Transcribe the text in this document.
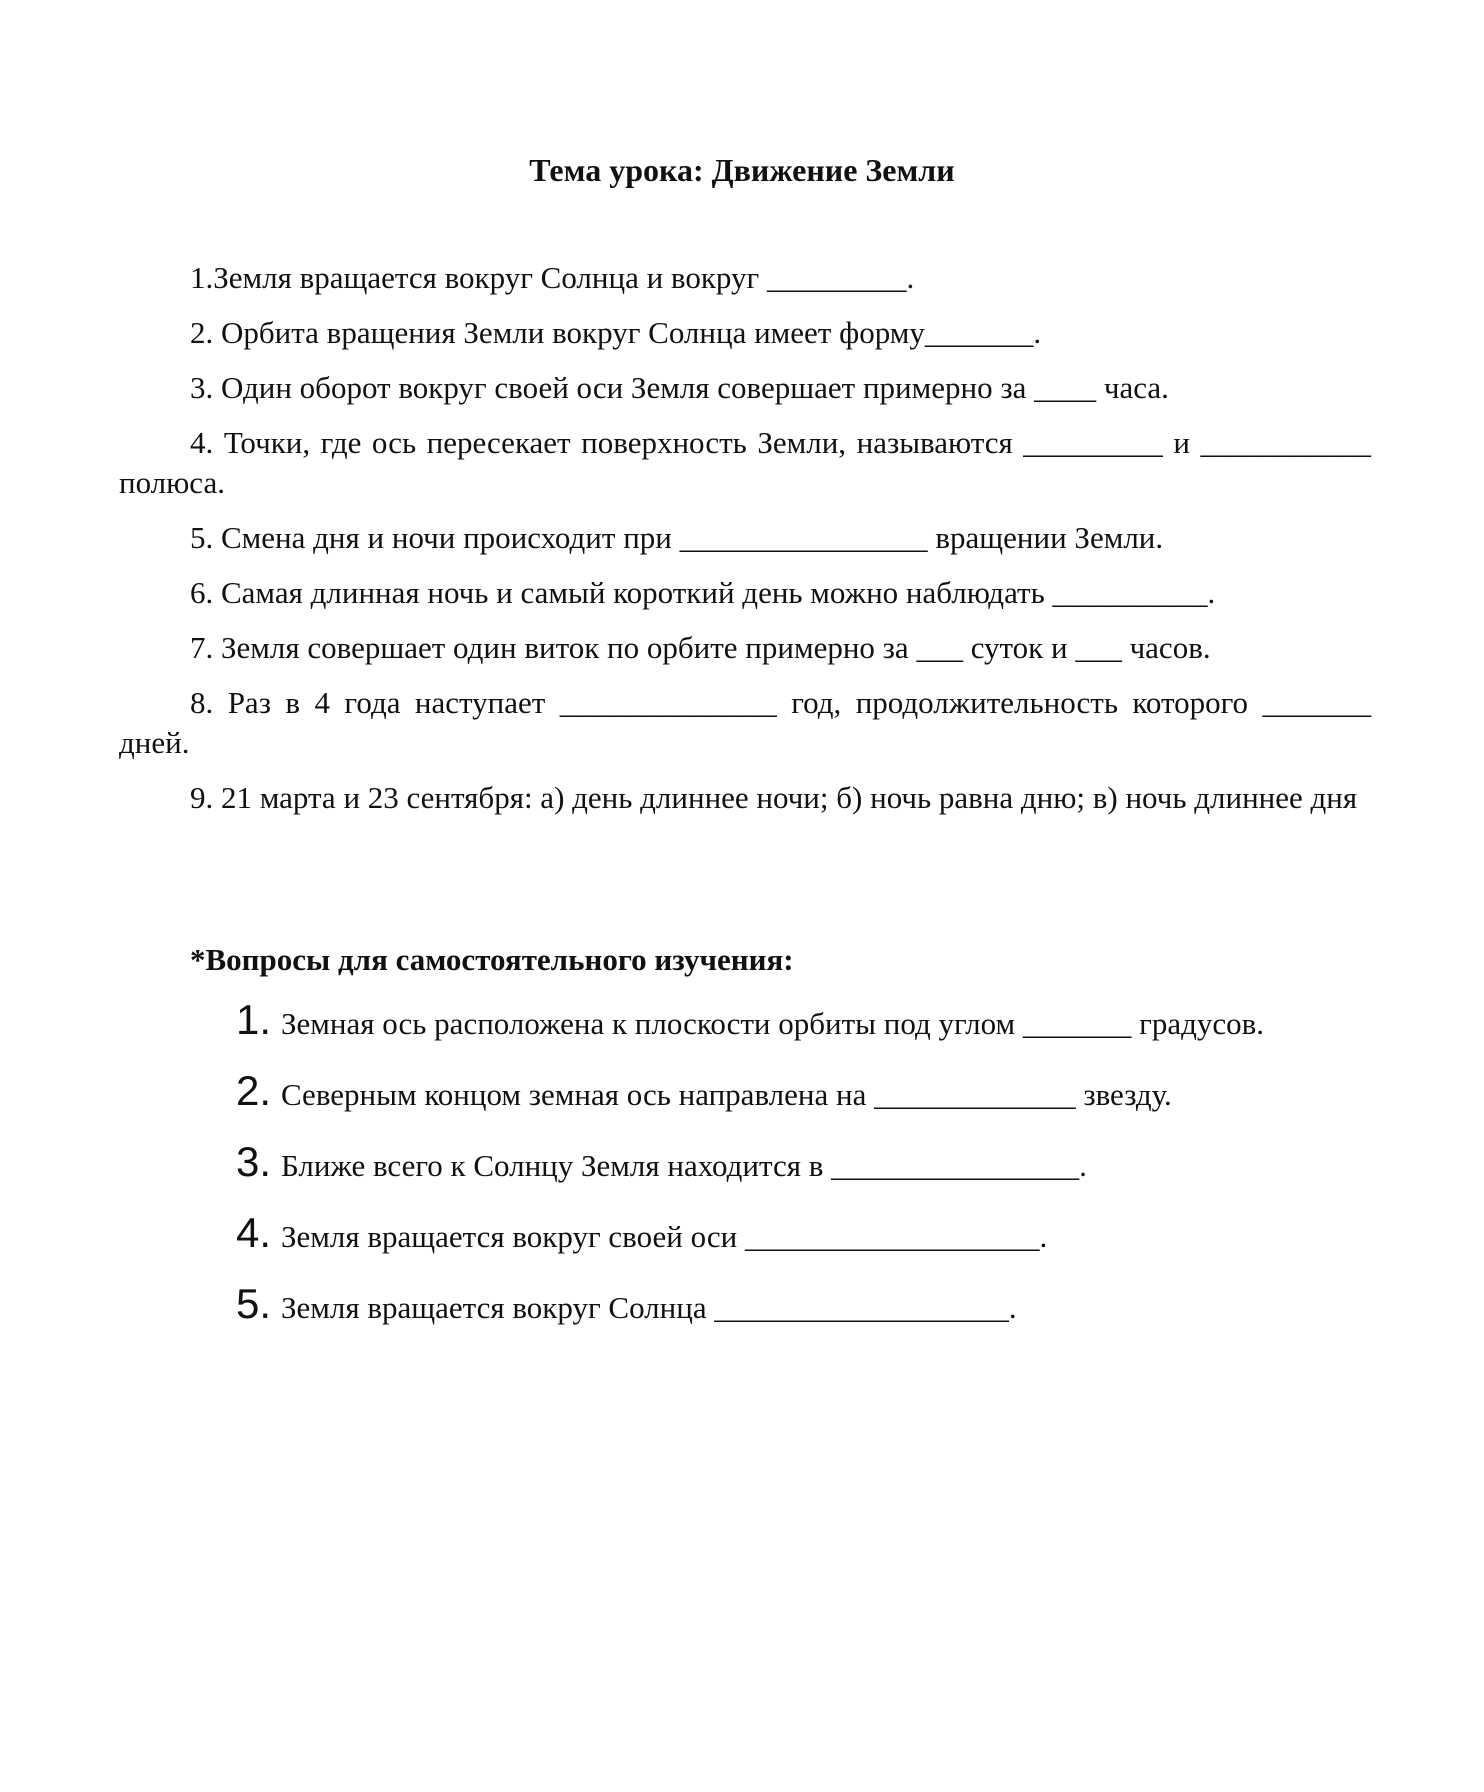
Тема урока: Движение Земли

1.Земля вращается вокруг Солнца и вокруг _________.

2. Орбита вращения Земли вокруг Солнца имеет форму_______.

3. Один оборот вокруг своей оси Земля совершает примерно за ____ часа.

4. Точки, где ось пересекает поверхность Земли, называются _________ и ___________ полюса.

5. Смена дня и ночи происходит при ________________ вращении Земли.

6. Самая длинная ночь и самый короткий день можно наблюдать __________.

7. Земля совершает один виток по орбите примерно за ___ суток и ___ часов.

8. Раз в 4 года наступает ______________ год, продолжительность которого _______ дней.

9. 21 марта и 23 сентября: а) день длиннее ночи; б) ночь равна дню; в) ночь длиннее дня

*Вопросы для самостоятельного изучения:
1. Земная ось расположена к плоскости орбиты под углом _______ градусов.
2. Северным концом земная ось направлена на _____________ звезду.
3. Ближе всего к Солнцу Земля находится в ________________.
4. Земля вращается вокруг своей оси ___________________.
5. Земля вращается вокруг Солнца ___________________.
